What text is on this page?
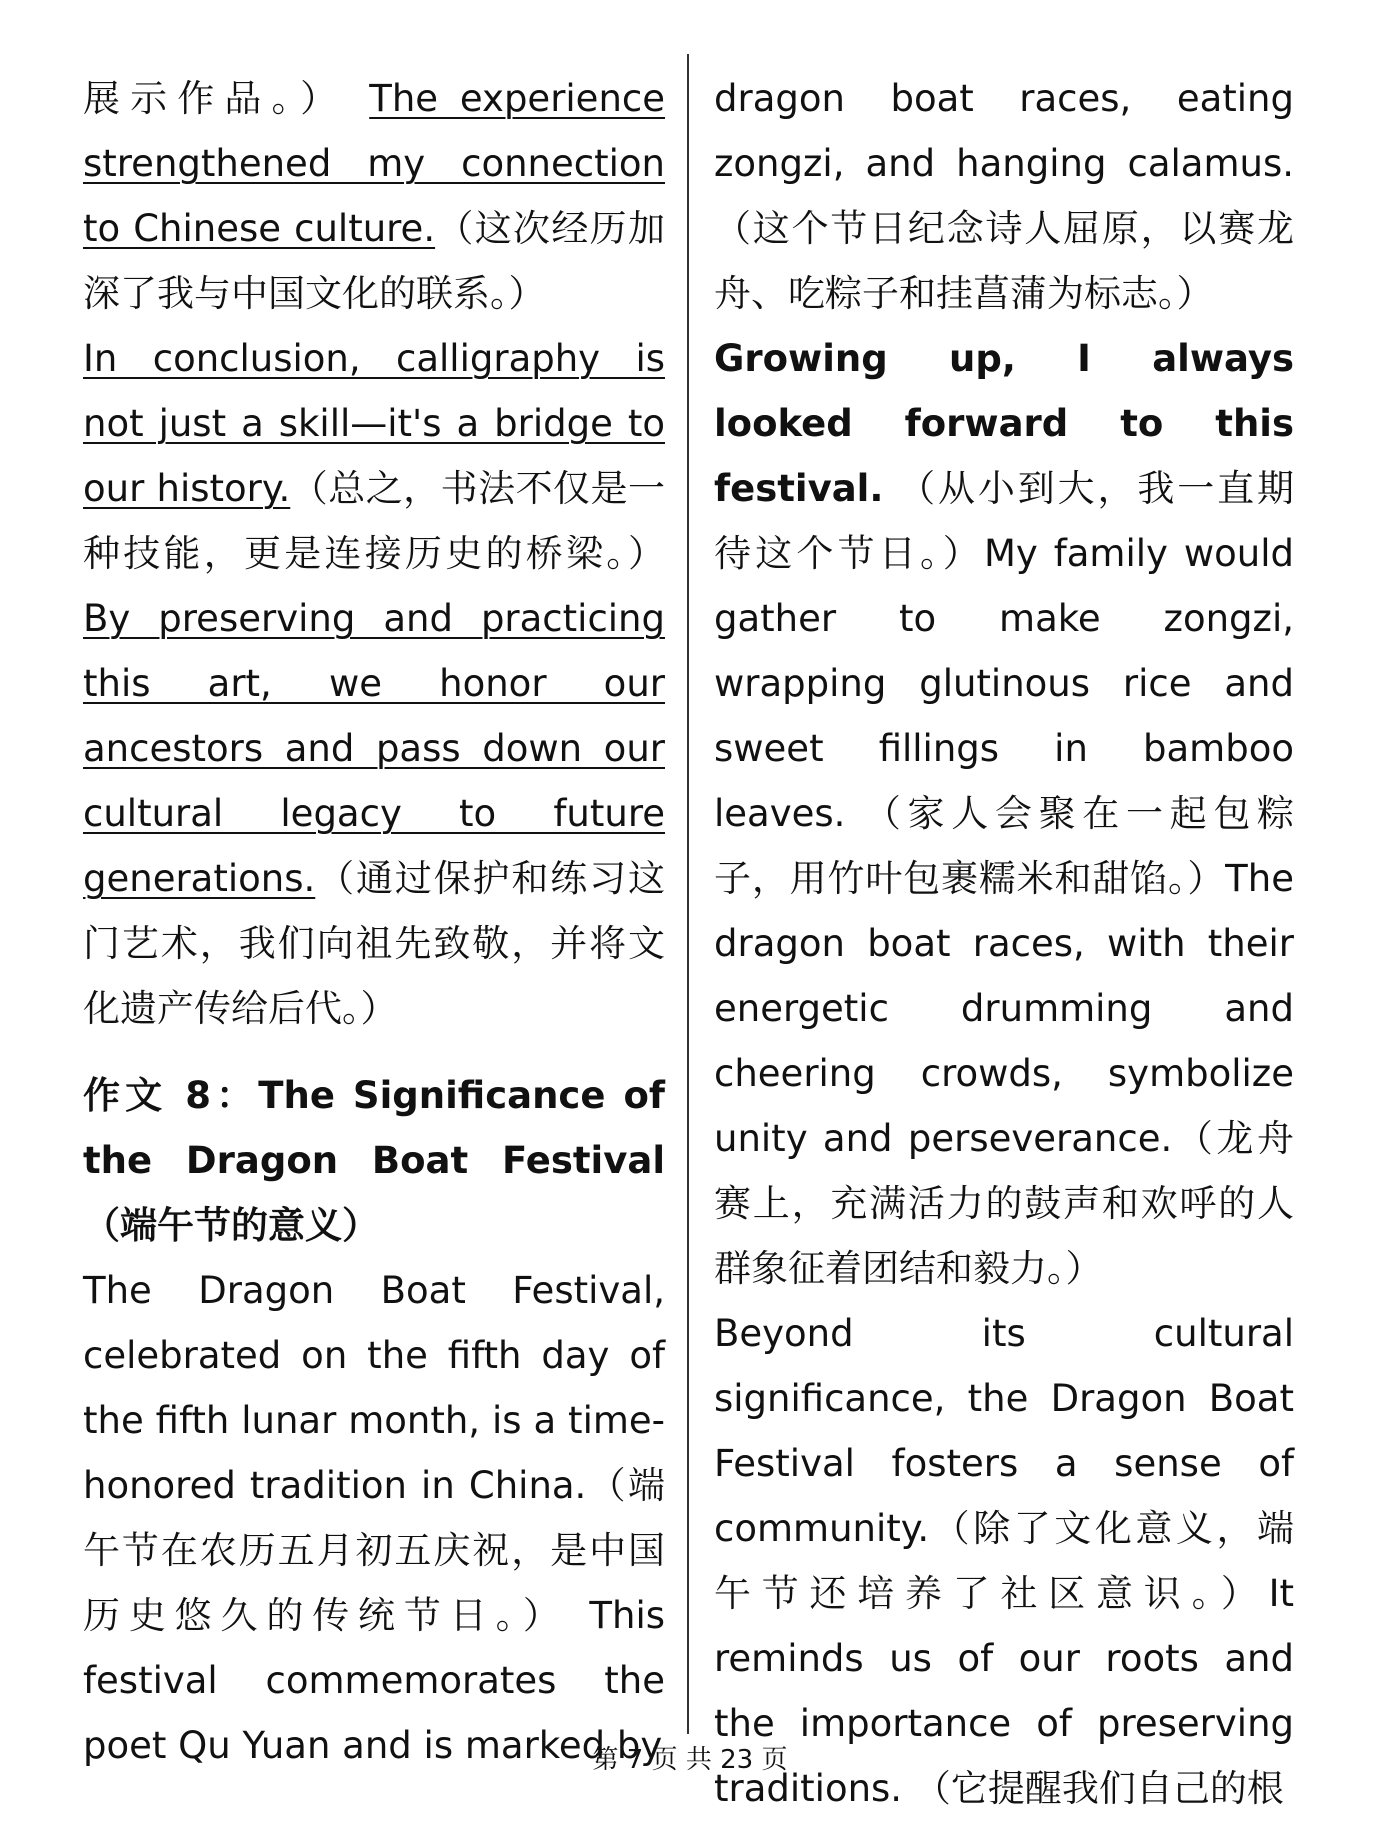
展示作品。） The experience strengthened my connection to Chinese culture.（这次经历加深了我与中国文化的联系。）

In conclusion, calligraphy is not just a skill—it's a bridge to our history.（总之，书法不仅是一种技能，更是连接历史的桥梁。） By preserving and practicing this art, we honor our ancestors and pass down our cultural legacy to future generations.（通过保护和练习这门艺术，我们向祖先致敬，并将文化遗产传给后代。）

作文 8：The Significance of the Dragon Boat Festival（端午节的意义）

The Dragon Boat Festival, celebrated on the fifth day of the fifth lunar month, is a time-honored tradition in China.（端午节在农历五月初五庆祝，是中国历史悠久的传统节日。） This festival commemorates the poet Qu Yuan and is marked by

dragon boat races, eating zongzi, and hanging calamus.（这个节日纪念诗人屈原，以赛龙舟、吃粽子和挂菖蒲为标志。）

Growing up, I always looked forward to this festival. （从小到大，我一直期待这个节日。）My family would gather to make zongzi, wrapping glutinous rice and sweet fillings in bamboo leaves. （家人会聚在一起包粽子，用竹叶包裹糯米和甜馅。）The dragon boat races, with their energetic drumming and cheering crowds, symbolize unity and perseverance.（龙舟赛上，充满活力的鼓声和欢呼的人群象征着团结和毅力。）

Beyond its cultural significance, the Dragon Boat Festival fosters a sense of community.（除了文化意义，端午节还培养了社区意识。）It reminds us of our roots and the importance of preserving traditions. （它提醒我们自己的根

第 7 页 共 23 页
